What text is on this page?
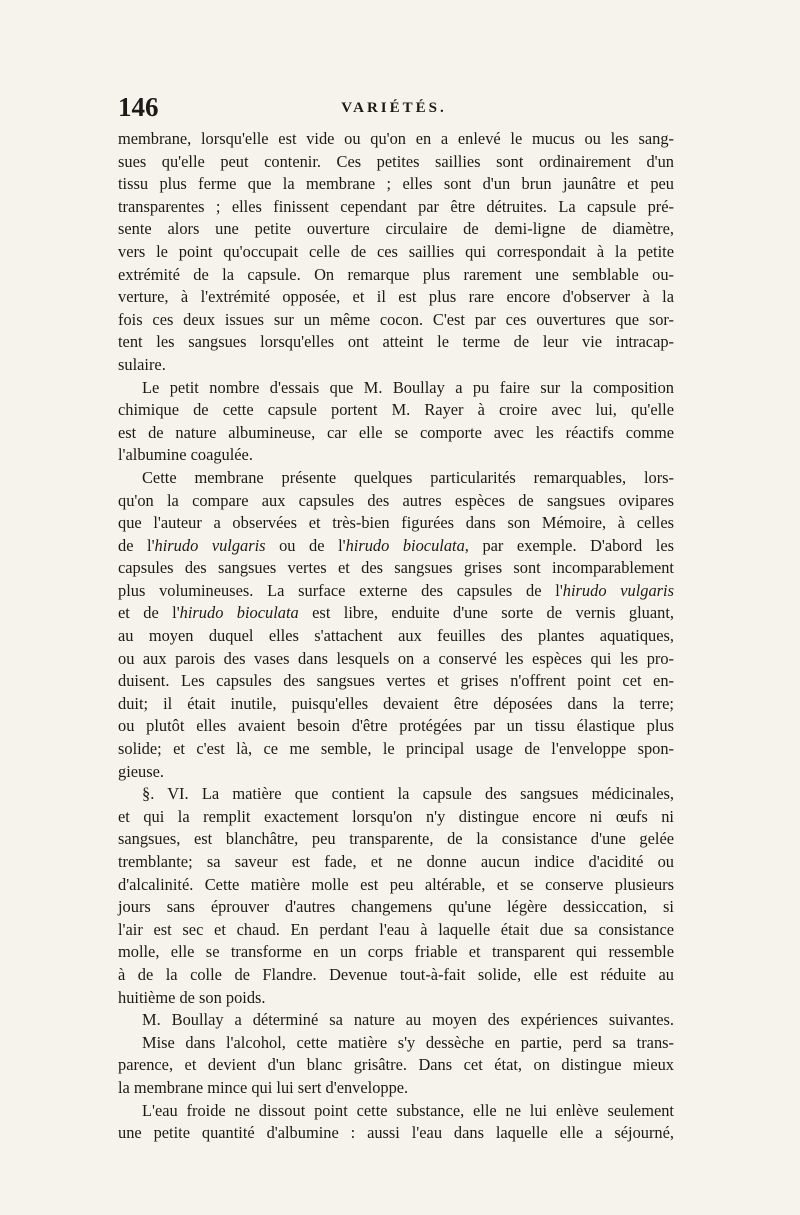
146	VARIÉTÉS.
membrane, lorsqu'elle est vide ou qu'on en a enlevé le mucus ou les sang-
sues qu'elle peut contenir. Ces petites saillies sont ordinairement d'un
tissu plus ferme que la membrane ; elles sont d'un brun jaunâtre et peu
transparentes ; elles finissent cependant par être détruites. La capsule pré-
sente alors une petite ouverture circulaire de demi-ligne de diamètre,
vers le point qu'occupait celle de ces saillies qui correspondait à la petite
extrémité de la capsule. On remarque plus rarement une semblable ou-
verture, à l'extrémité opposée, et il est plus rare encore d'observer à la
fois ces deux issues sur un même cocon. C'est par ces ouvertures que sor-
tent les sangsues lorsqu'elles ont atteint le terme de leur vie intracap-
sulaire.
Le petit nombre d'essais que M. Boullay a pu faire sur la composition
chimique de cette capsule portent M. Rayer à croire avec lui, qu'elle
est de nature albumineuse, car elle se comporte avec les réactifs comme
l'albumine coagulée.
Cette membrane présente quelques particularités remarquables, lors-
qu'on la compare aux capsules des autres espèces de sangsues ovipares
que l'auteur a observées et très-bien figurées dans son Mémoire, à celles
de l'hirudo vulgaris ou de l'hirudo bioculata, par exemple. D'abord les
capsules des sangsues vertes et des sangsues grises sont incomparablement
plus volumineuses. La surface externe des capsules de l'hirudo vulgaris
et de l'hirudo bioculata est libre, enduite d'une sorte de vernis gluant,
au moyen duquel elles s'attachent aux feuilles des plantes aquatiques,
ou aux parois des vases dans lesquels on a conservé les espèces qui les pro-
duisent. Les capsules des sangsues vertes et grises n'offrent point cet en-
duit; il était inutile, puisqu'elles devaient être déposées dans la terre;
ou plutôt elles avaient besoin d'être protégées par un tissu élastique plus
solide; et c'est là, ce me semble, le principal usage de l'enveloppe spon-
gieuse.
§. VI. La matière que contient la capsule des sangsues médicinales,
et qui la remplit exactement lorsqu'on n'y distingue encore ni œufs ni
sangsues, est blanchâtre, peu transparente, de la consistance d'une gelée
tremblante; sa saveur est fade, et ne donne aucun indice d'acidité ou
d'alcalinité. Cette matière molle est peu altérable, et se conserve plusieurs
jours sans éprouver d'autres changemens qu'une légère dessiccation, si
l'air est sec et chaud. En perdant l'eau à laquelle était due sa consistance
molle, elle se transforme en un corps friable et transparent qui ressemble
à de la colle de Flandre. Devenue tout-à-fait solide, elle est réduite au
huitième de son poids.
M. Boullay a déterminé sa nature au moyen des expériences suivantes.
Mise dans l'alcohol, cette matière s'y dessèche en partie, perd sa trans-
parence, et devient d'un blanc grisâtre. Dans cet état, on distingue mieux
la membrane mince qui lui sert d'enveloppe.
L'eau froide ne dissout point cette substance, elle ne lui enlève seulement
une petite quantité d'albumine : aussi l'eau dans laquelle elle a séjourné,
